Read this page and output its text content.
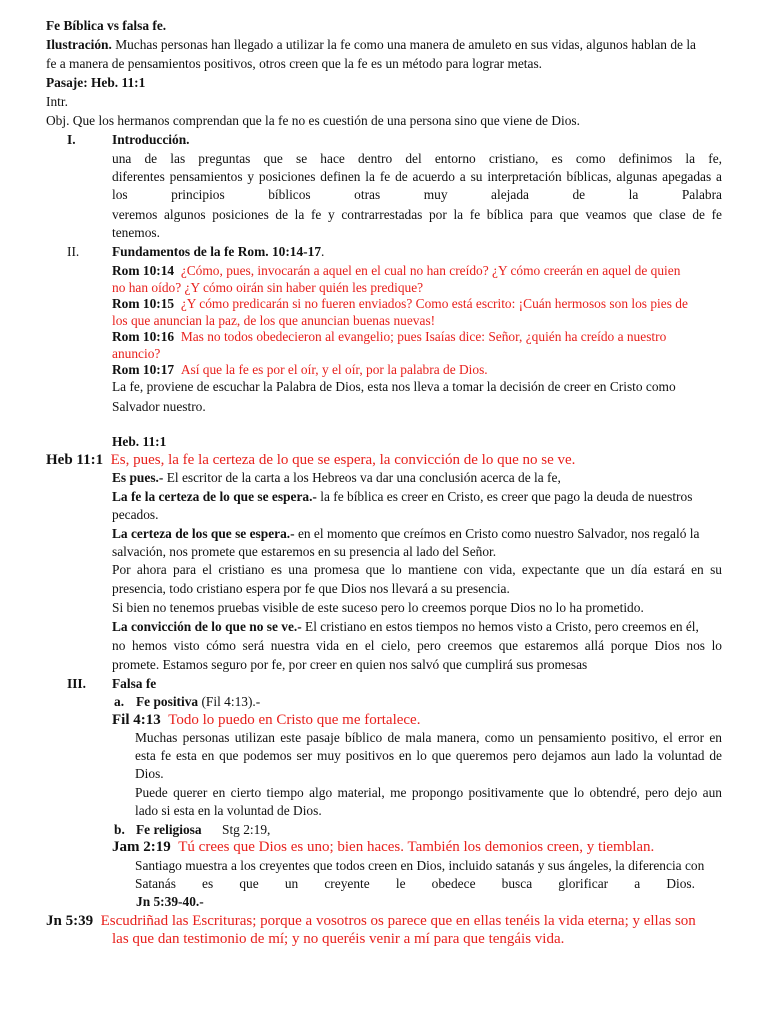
Fe Bíblica vs falsa fe.
Ilustración. Muchas personas han llegado a utilizar la fe como una manera de amuleto en sus vidas, algunos hablan de la
fe a manera de pensamientos positivos, otros creen que la fe es un método para lograr metas.
Pasaje: Heb. 11:1
Intr.
Obj. Que los hermanos comprendan que la fe no es cuestión de una persona sino que viene de Dios.
I.	Introducción.
una de las preguntas que se hace dentro del entorno cristiano, es como definimos la fe,
diferentes pensamientos y posiciones definen la fe de acuerdo a su interpretación bíblicas, algunas apegadas a
los principios bíblicos otras muy alejada de la Palabra
veremos algunos posiciones de la fe y contrarrestadas por la fe bíblica para que veamos que clase de fe
tenemos.
II. Fundamentos de la fe Rom. 10:14-17.
Rom 10:14 ¿Cómo, pues, invocarán a aquel en el cual no han creído? ¿Y cómo creerán en aquel de quien
no han oído? ¿Y cómo oirán sin haber quién les predique?
Rom 10:15 ¿Y cómo predicarán si no fueren enviados? Como está escrito: ¡Cuán hermosos son los pies de
los que anuncian la paz, de los que anuncian buenas nuevas!
Rom 10:16 Mas no todos obedecieron al evangelio; pues Isaías dice: Señor, ¿quién ha creído a nuestro
anuncio?
Rom 10:17 Así que la fe es por el oír, y el oír, por la palabra de Dios.
La fe, proviene de escuchar la Palabra de Dios, esta nos lleva a tomar la decisión de creer en Cristo como
Salvador nuestro.
Heb. 11:1
Heb 11:1 Es, pues, la fe la certeza de lo que se espera, la convicción de lo que no se ve.
Es pues.- El escritor de la carta a los Hebreos va dar una conclusión acerca de la fe,
La fe la certeza de lo que se espera.- la fe bíblica es creer en Cristo, es creer que pago la deuda de nuestros
pecados.
La certeza de los que se espera.- en el momento que creímos en Cristo como nuestro Salvador, nos regaló la
salvación, nos promete que estaremos en su presencia al lado del Señor.
Por ahora para el cristiano es una promesa que lo mantiene con vida, expectante que un día estará en su
presencia, todo cristiano espera por fe que Dios nos llevará a su presencia.
Si bien no tenemos pruebas visible de este suceso pero lo creemos porque Dios no lo ha prometido.
La convicción de lo que no se ve.- El cristiano en estos tiempos no hemos visto a Cristo, pero creemos en él,
no hemos visto cómo será nuestra vida en el cielo, pero creemos que estaremos allá porque Dios nos lo
promete. Estamos seguro por fe, por creer en quien nos salvó que cumplirá sus promesas
III. Falsa fe
a. Fe positiva (Fil 4:13).-
Fil 4:13 Todo lo puedo en Cristo que me fortalece.
Muchas personas utilizan este pasaje bíblico de mala manera, como un pensamiento positivo, el error en
esta fe esta en que podemos ser muy positivos en lo que queremos pero dejamos aun lado la voluntad de
Dios.
Puede querer en cierto tiempo algo material, me propongo positivamente que lo obtendré, pero dejo aun
lado si esta en la voluntad de Dios.
b. Fe religiosa Stg 2:19,
Jam 2:19 Tú crees que Dios es uno; bien haces. También los demonios creen, y tiemblan.
Santiago muestra a los creyentes que todos creen en Dios, incluido satanás y sus ángeles, la diferencia con
Satanás es que un creyente le obedece busca glorificar a Dios.
Jn 5:39-40.-
Jn 5:39 Escudriñad las Escrituras; porque a vosotros os parece que en ellas tenéis la vida eterna; y ellas son
las que dan testimonio de mí; y no queréis venir a mí para que tengáis vida.
